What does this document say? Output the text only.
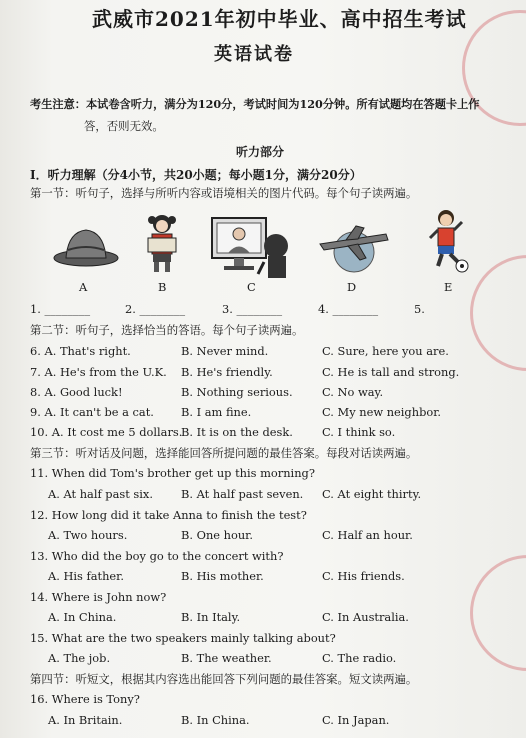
武威市2021年初中毕业、高中招生考试
英语试卷
考生注意：本试卷含听力，满分为120分，考试时间为120分钟。所有试题均在答题卡上作
答，否则无效。
听力部分
Ⅰ．听力理解（分4小节，共20小题；每小题1分，满分20分）
第一节：听句子，选择与所听内容或语境相关的图片代码。每个句子读两遍。
A	B	C	D	E
1. ________	2. ________	3. ________	4. ________	5.
第二节：听句子，选择恰当的答语。每个句子读两遍。
6. A. That's right.	B. Never mind.	C. Sure, here you are.
7. A. He's from the U.K. B. He's friendly.	C. He is tall and strong.
8. A. Good luck!	B. Nothing serious.	C. No way.
9. A. It can't be a cat. B. I am fine.	C. My new neighbor.
10. A. It cost me 5 dollars.
B. It is on the desk.	C. I think so.
第三节：听对话及问题，选择能回答所提问题的最佳答案。每段对话读两遍。
11. When did Tom's brother get up this morning?
A. At half past six. B. At half past seven. C. At eight thirty.
12. How long did it take Anna to finish the test?
A. Two hours.	B. One hour.	C. Half an hour.
13. Who did the boy go to the concert with?
A. His father.	B. His mother.	C. His friends.
14. Where is John now?
A. In China.	B. In Italy.	C. In Australia.
15. What are the two speakers mainly talking about?
A. The job.	B. The weather.	C. The radio.
第四节：听短文，根据其内容选出能回答下列问题的最佳答案。短文读两遍。
16. Where is Tony?
A. In Britain.	B. In China.	C. In Japan.
